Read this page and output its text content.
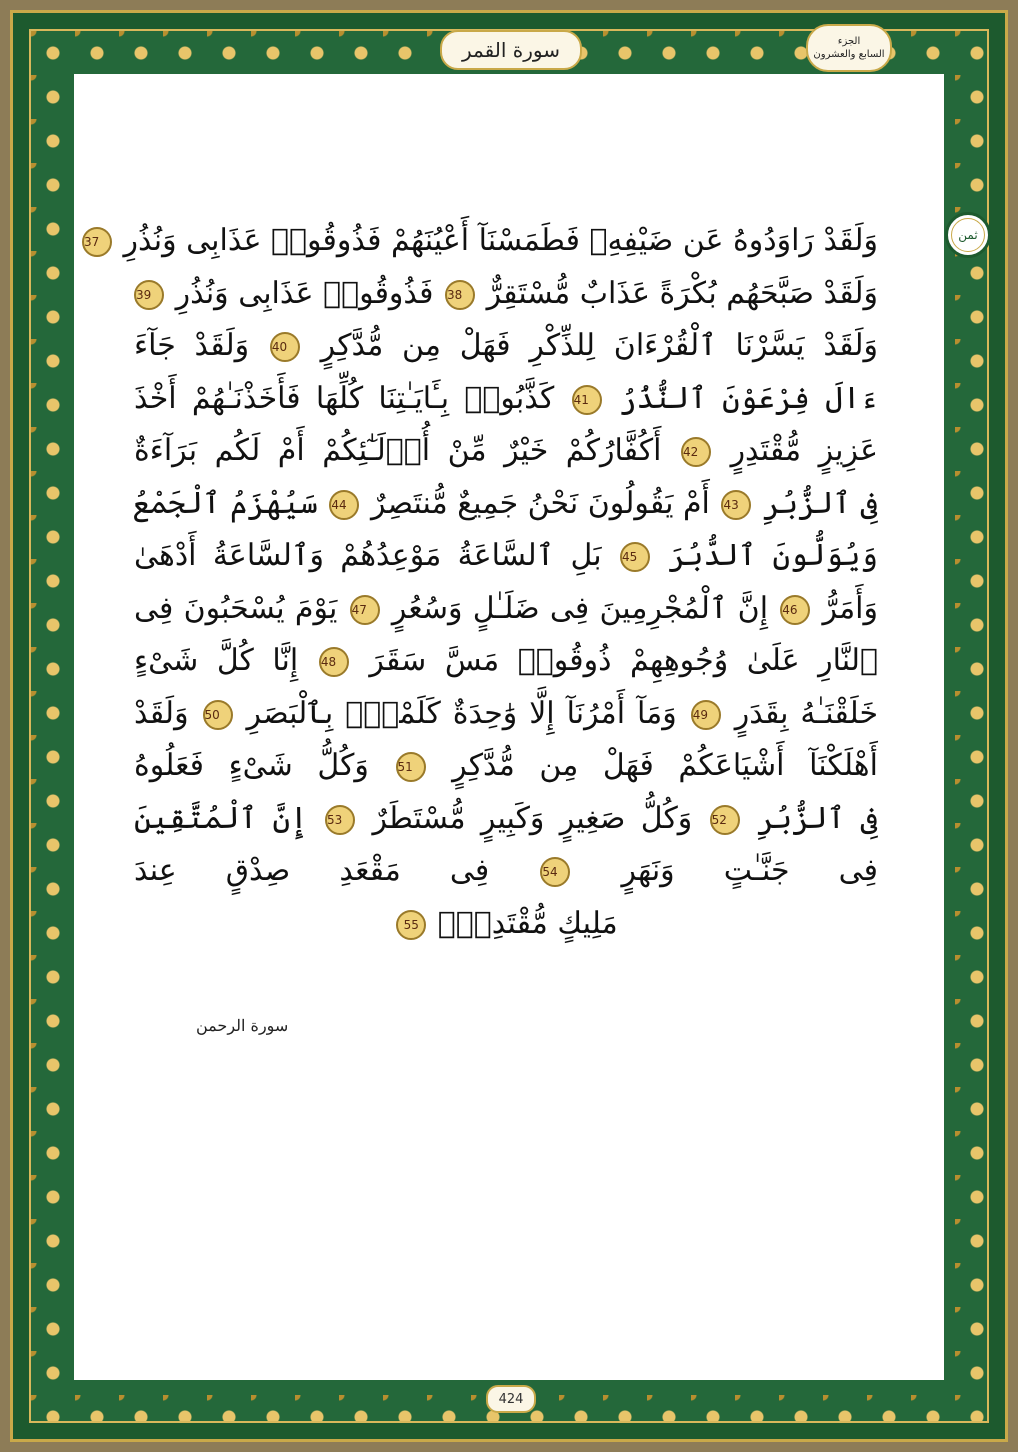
سورة القمر	الجزء
السابع والعشرون
ثمن
وَلَقَدْ رَاوَدُوهُ عَن ضَيْفِهِۦ فَطَمَسْنَآ أَعْيُنَهُمْ فَذُوقُوا۟ عَذَابِى وَنُذُرِ 37
وَلَقَدْ صَبَّحَهُم بُكْرَةً عَذَابٌ مُّسْتَقِرٌّ 38 فَذُوقُوا۟ عَذَابِى وَنُذُرِ 39
وَلَقَدْ يَسَّرْنَا ٱلْقُرْءَانَ لِلذِّكْرِ فَهَلْ مِن مُّدَّكِرٍ 40 وَلَقَدْ جَآءَ
ءَالَ فِرْعَوْنَ ٱلنُّذُرُ 41 كَذَّبُوا۟ بِـَٔايَـٰتِنَا كُلِّهَا فَأَخَذْنَـٰهُمْ أَخْذَ
عَزِيزٍ مُّقْتَدِرٍ 42 أَكُفَّارُكُمْ خَيْرٌ مِّنْ أُو۟لَـٰٓئِكُمْ أَمْ لَكُم بَرَآءَةٌ
فِى ٱلزُّبُرِ 43 أَمْ يَقُولُونَ نَحْنُ جَمِيعٌ مُّنتَصِرٌ 44 سَيُهْزَمُ ٱلْجَمْعُ
وَيُوَلُّونَ ٱلدُّبُرَ 45 بَلِ ٱلسَّاعَةُ مَوْعِدُهُمْ وَٱلسَّاعَةُ أَدْهَىٰ
وَأَمَرُّ 46 إِنَّ ٱلْمُجْرِمِينَ فِى ضَلَـٰلٍ وَسُعُرٍ 47 يَوْمَ يُسْحَبُونَ فِى
ٱلنَّارِ عَلَىٰ وُجُوهِهِمْ ذُوقُوا۟ مَسَّ سَقَرَ 48 إِنَّا كُلَّ شَىْءٍ
خَلَقْنَـٰهُ بِقَدَرٍ 49 وَمَآ أَمْرُنَآ إِلَّا وَٰحِدَةٌ كَلَمْحٍۭ بِٱلْبَصَرِ 50 وَلَقَدْ
أَهْلَكْنَآ أَشْيَاعَكُمْ فَهَلْ مِن مُّدَّكِرٍ 51 وَكُلُّ شَىْءٍ فَعَلُوهُ
فِى ٱلزُّبُرِ 52 وَكُلُّ صَغِيرٍ وَكَبِيرٍ مُّسْتَطَرٌ 53 إِنَّ ٱلْمُتَّقِينَ
فِى جَنَّـٰتٍ وَنَهَرٍ 54 فِى مَقْعَدِ صِدْقٍ عِندَ
مَلِيكٍ مُّقْتَدِرٍۭ 55
سورة الرحمن
424
